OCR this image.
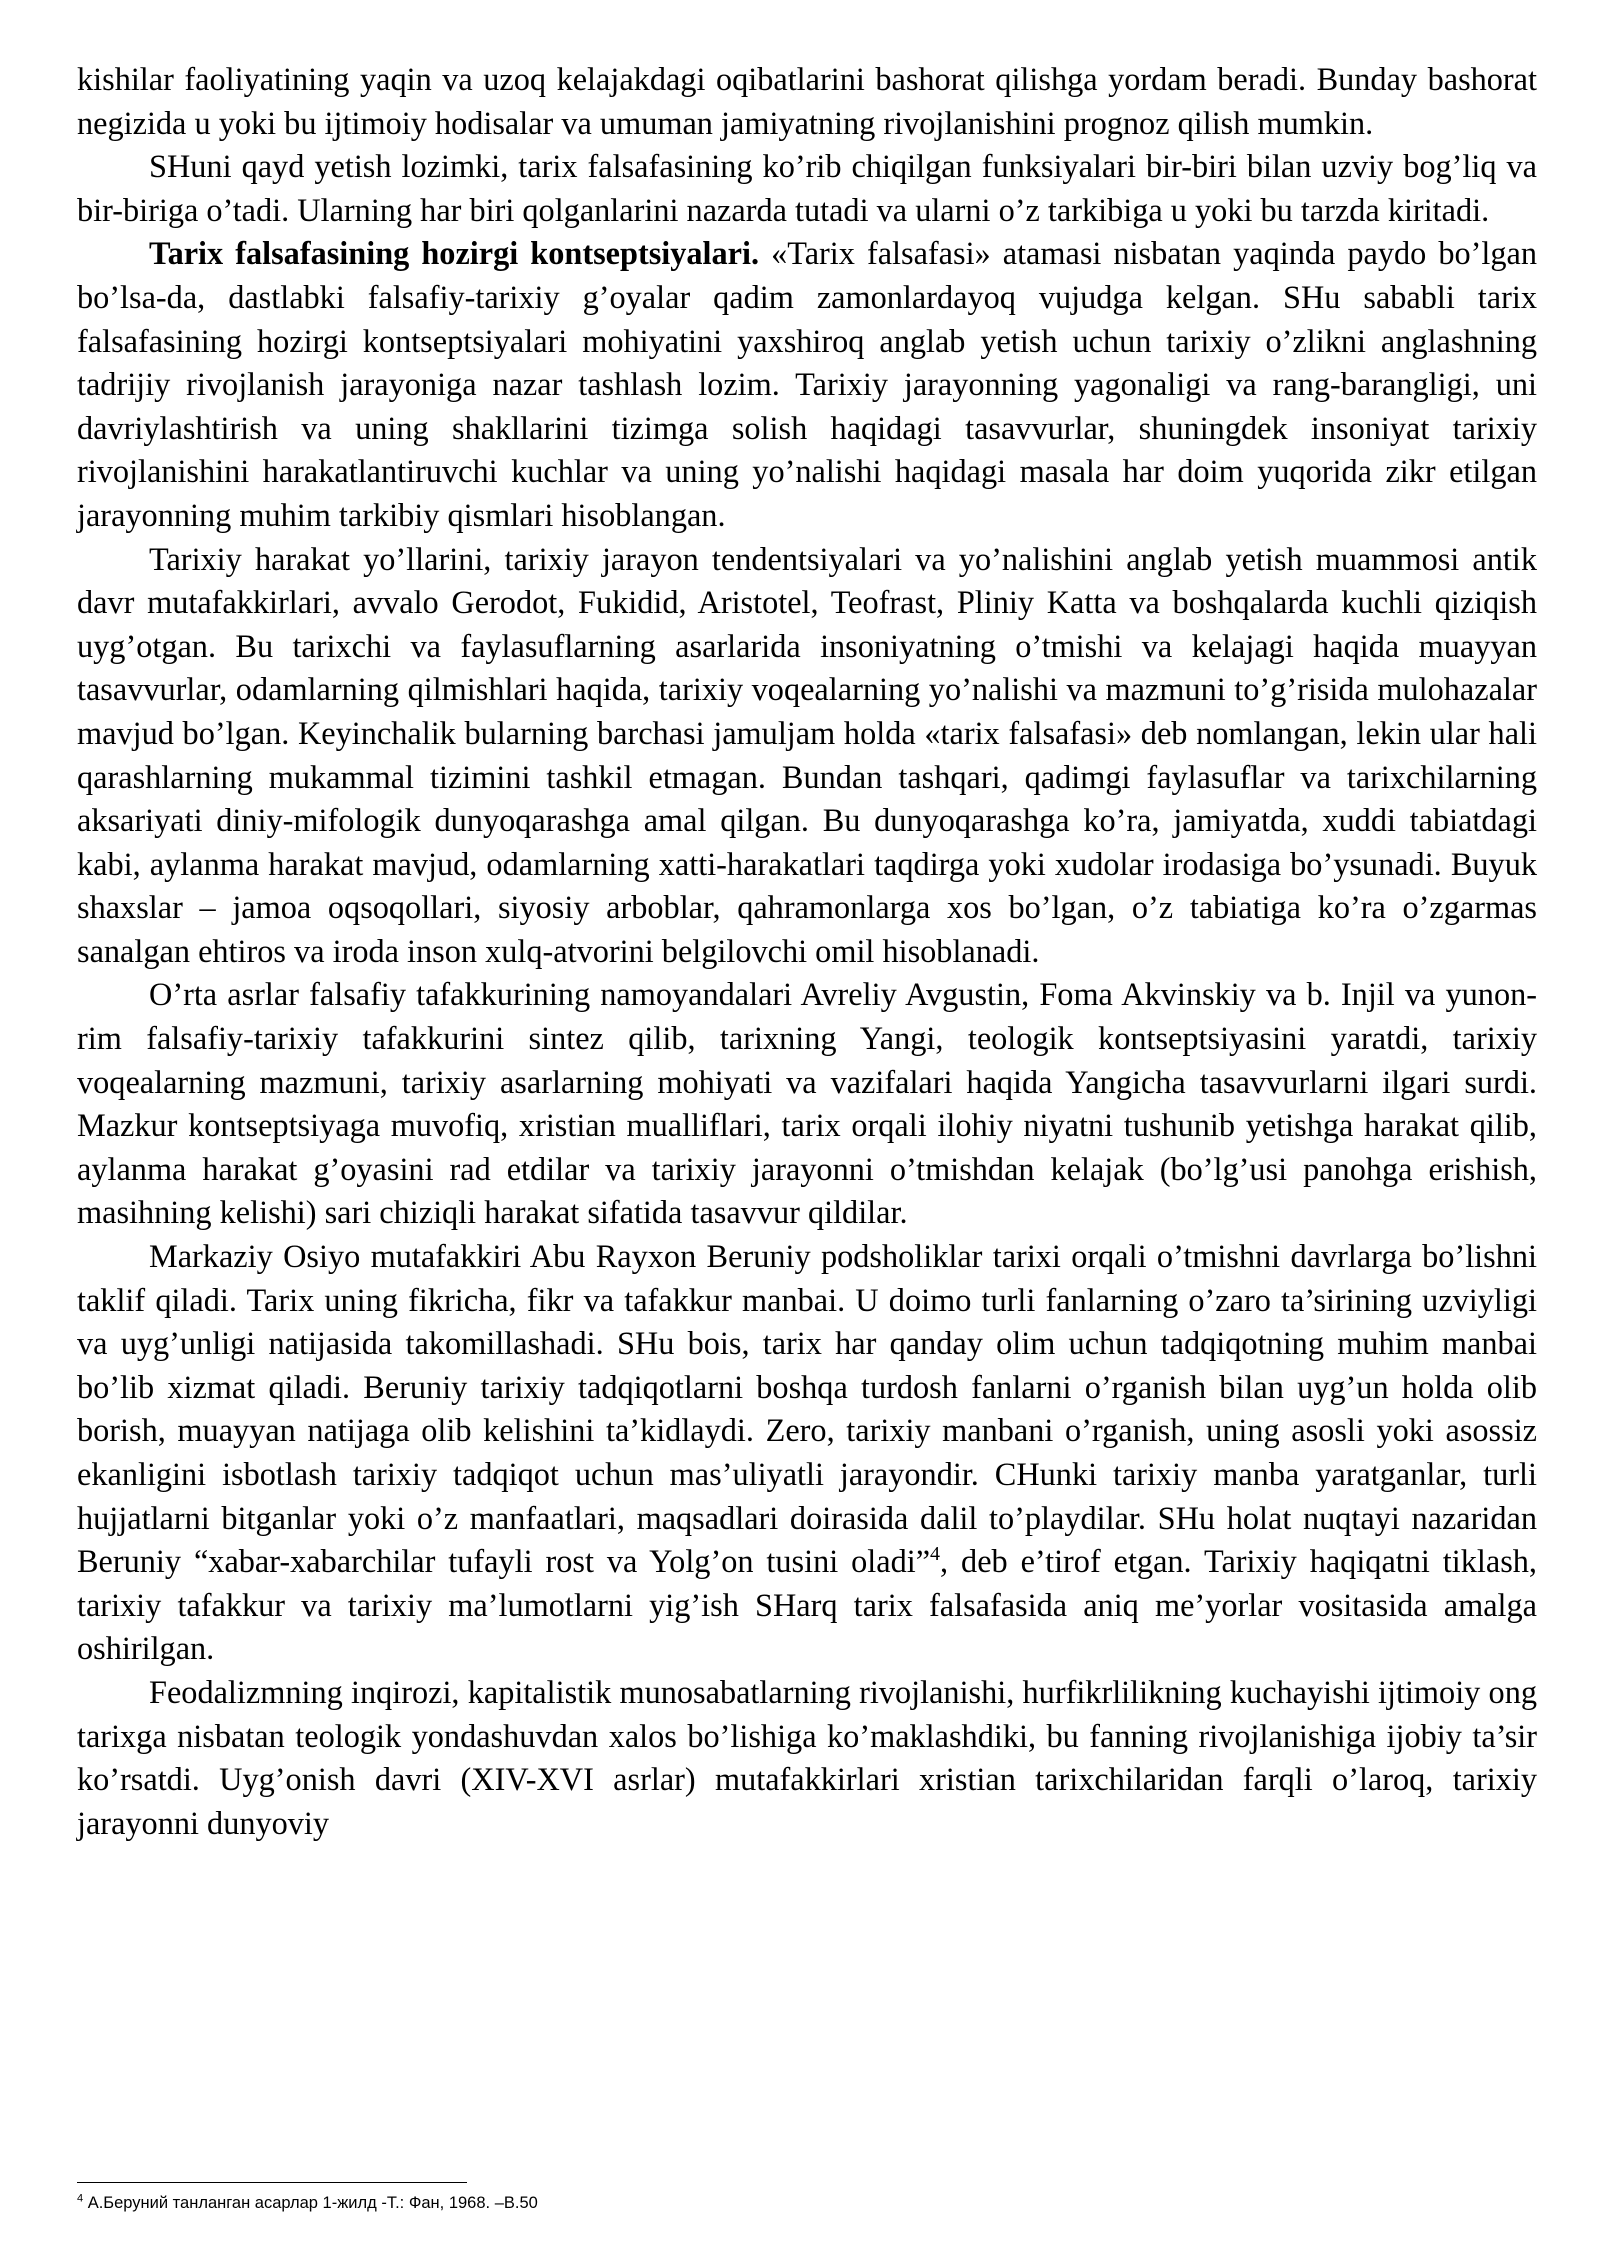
kishilar faoliyatining yaqin va uzoq kelajakdagi oqibatlarini bashorat qilishga yordam beradi. Bunday bashorat negizida u yoki bu ijtimoiy hodisalar va umuman jamiyatning rivojlanishini prognoz qilish mumkin.

SHuni qayd yetish lozimki, tarix falsafasining ko’rib chiqilgan funksiyalari bir-biri bilan uzviy bog’liq va bir-biriga o’tadi. Ularning har biri qolganlarini nazarda tutadi va ularni o’z tarkibiga u yoki bu tarzda kiritadi.

Tarix falsafasining hozirgi kontseptsiyalari. «Tarix falsafasi» atamasi nisbatan yaqinda paydo bo’lgan bo’lsa-da, dastlabki falsafiy-tarixiy g’oyalar qadim zamonlardayoq vujudga kelgan. SHu sababli tarix falsafasining hozirgi kontseptsiyalari mohiyatini yaxshiroq anglab yetish uchun tarixiy o’zlikni anglashning tadrijiy rivojlanish jarayoniga nazar tashlash lozim. Tarixiy jarayonning yagonaligi va rang-barangligi, uni davriylashtirish va uning shakllarini tizimga solish haqidagi tasavvurlar, shuningdek insoniyat tarixiy rivojlanishini harakatlantiruvchi kuchlar va uning yo’nalishi haqidagi masala har doim yuqorida zikr etilgan jarayonning muhim tarkibiy qismlari hisoblangan.

Tarixiy harakat yo’llarini, tarixiy jarayon tendentsiyalari va yo’nalishini anglab yetish muammosi antik davr mutafakkirlari, avvalo Gerodot, Fukidid, Aristotel, Teofrast, Pliniy Katta va boshqalarda kuchli qiziqish uyg’otgan. Bu tarixchi va faylasuflarning asarlarida insoniyatning o’tmishi va kelajagi haqida muayyan tasavvurlar, odamlarning qilmishlari haqida, tarixiy voqealarning yo’nalishi va mazmuni to’g’risida mulohazalar mavjud bo’lgan. Keyinchalik bularning barchasi jamuljam holda «tarix falsafasi» deb nomlangan, lekin ular hali qarashlarning mukammal tizimini tashkil etmagan. Bundan tashqari, qadimgi faylasuflar va tarixchilarning aksariyati diniy-mifologik dunyoqarashga amal qilgan. Bu dunyoqarashga ko’ra, jamiyatda, xuddi tabiatdagi kabi, aylanma harakat mavjud, odamlarning xatti-harakatlari taqdirga yoki xudolar irodasiga bo’ysunadi. Buyuk shaxslar – jamoa oqsoqollari, siyosiy arboblar, qahramonlarga xos bo’lgan, o’z tabiatiga ko’ra o’zgarmas sanalgan ehtiros va iroda inson xulq-atvorini belgilovchi omil hisoblanadi.

O’rta asrlar falsafiy tafakkurining namoyandalari Avreliy Avgustin, Foma Akvinskiy va b. Injil va yunon-rim falsafiy-tarixiy tafakkurini sintez qilib, tarixning Yangi, teologik kontseptsiyasini yaratdi, tarixiy voqealarning mazmuni, tarixiy asarlarning mohiyati va vazifalari haqida Yangicha tasavvurlarni ilgari surdi. Mazkur kontseptsiyaga muvofiq, xristian mualliflari, tarix orqali ilohiy niyatni tushunib yetishga harakat qilib, aylanma harakat g’oyasini rad etdilar va tarixiy jarayonni o’tmishdan kelajak (bo’lg’usi panohga erishish, masihning kelishi) sari chiziqli harakat sifatida tasavvur qildilar.

Markaziy Osiyo mutafakkiri Abu Rayxon Beruniy podsholiklar tarixi orqali o’tmishni davrlarga bo’lishni taklif qiladi. Tarix uning fikricha, fikr va tafakkur manbai. U doimo turli fanlarning o’zaro ta’sirining uzviyligi va uyg’unligi natijasida takomillashadi. SHu bois, tarix har qanday olim uchun tadqiqotning muhim manbai bo’lib xizmat qiladi. Beruniy tarixiy tadqiqotlarni boshqa turdosh fanlarni o’rganish bilan uyg’un holda olib borish, muayyan natijaga olib kelishini ta’kidlaydi. Zero, tarixiy manbani o’rganish, uning asosli yoki asossiz ekanligini isbotlash tarixiy tadqiqot uchun mas’uliyatli jarayondir. CHunki tarixiy manba yaratganlar, turli hujjatlarni bitganlar yoki o’z manfaatlari, maqsadlari doirasida dalil to’playdilar. SHu holat nuqtayi nazaridan Beruniy “xabar-xabarchilar tufayli rost va Yolg’on tusini oladi”$^4$, deb e’tirof etgan. Tarixiy haqiqatni tiklash, tarixiy tafakkur va tarixiy ma’lumotlarni yig’ish SHarq tarix falsafasida aniq me’yorlar vositasida amalga oshirilgan.

Feodalizmning inqirozi, kapitalistik munosabatlarning rivojlanishi, hurfikrlilikning kuchayishi ijtimoiy ong tarixga nisbatan teologik yondashuvdan xalos bo’lishiga ko’maklashdiki, bu fanning rivojlanishiga ijobiy ta’sir ko’rsatdi. Uyg’onish davri (XIV-XVI asrlar) mutafakkirlari xristian tarixchilaridan farqli o’laroq, tarixiy jarayonni dunyoviy

$^4$ А.Беруний танланган асарлар 1-жилд -Т.: Фан, 1968. –B.50
